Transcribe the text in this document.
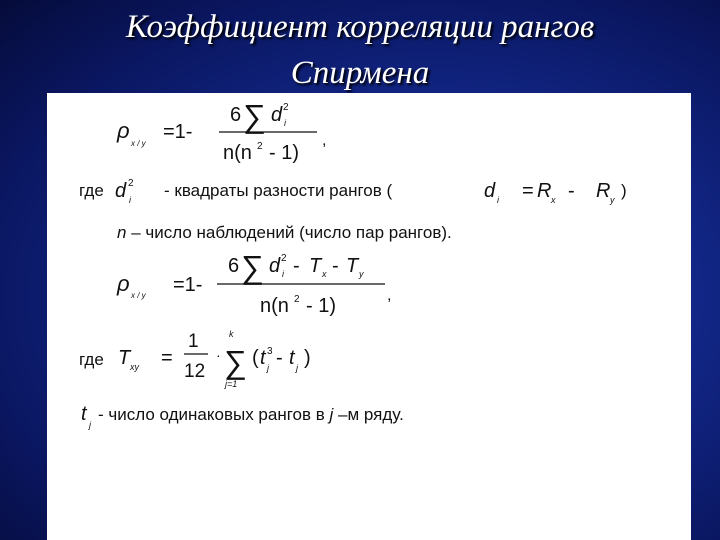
Коэффициент корреляции рангов
Спирмена
ρ
x / y
=1-
6 ∑ d 2
i
n(n 2 - 1)
,
где d 2
i - квадраты разности рангов (	d i = R x - R y )
n – число наблюдений (число пар рангов).
ρ x / y =1-
6 ∑ d 2
i - T x - T y
n(n 2 - 1)	,
где T xy =
1
12
·
k
∑
j=1
( t 3
j - t j )
t j
- число одинаковых рангов в j –м ряду.
